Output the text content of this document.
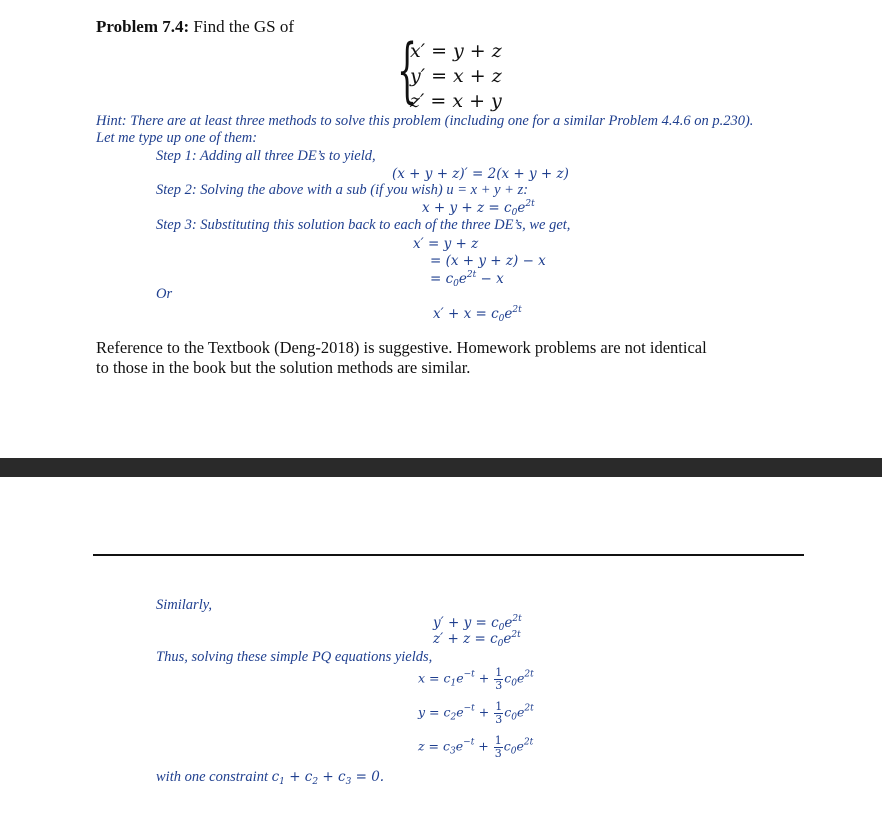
Problem 7.4: Find the GS of
{
x′ = y + z
y′ = x + z
z′ = x + y
Hint: There are at least three methods to solve this problem (including one for a similar Problem 4.4.6 on p.230).
Let me type up one of them:
Step 1: Adding all three DE’s to yield,
(x + y + z)′ = 2(x + y + z)
Step 2: Solving the above with a sub (if you wish) u = x + y + z:
$x + y + z = c_0e^{2t}$
Step 3: Substituting this solution back to each of the three DE’s, we get,
x′ = y + z
= (x + y + z) − x
= $c_0e^{2t} - x$
Or
$x' + x = c_0e^{2t}$
Reference to the Textbook (Deng-2018) is suggestive. Homework problems are not identical
to those in the book but the solution methods are similar.
Similarly,
$y' + y = c_0e^{2t}$
$z' + z = c_0e^{2t}$
Thus, solving these simple PQ equations yields,
$x = c_1e^{-t} + \frac{1}{3} c_0e^{2t}$
$y = c_2e^{-t} + \frac{1}{3} c_0e^{2t}$
$z = c_3e^{-t} + \frac{1}{3} c_0e^{2t}$
with one constraint $c_1 + c_2 + c_3 = 0$.
